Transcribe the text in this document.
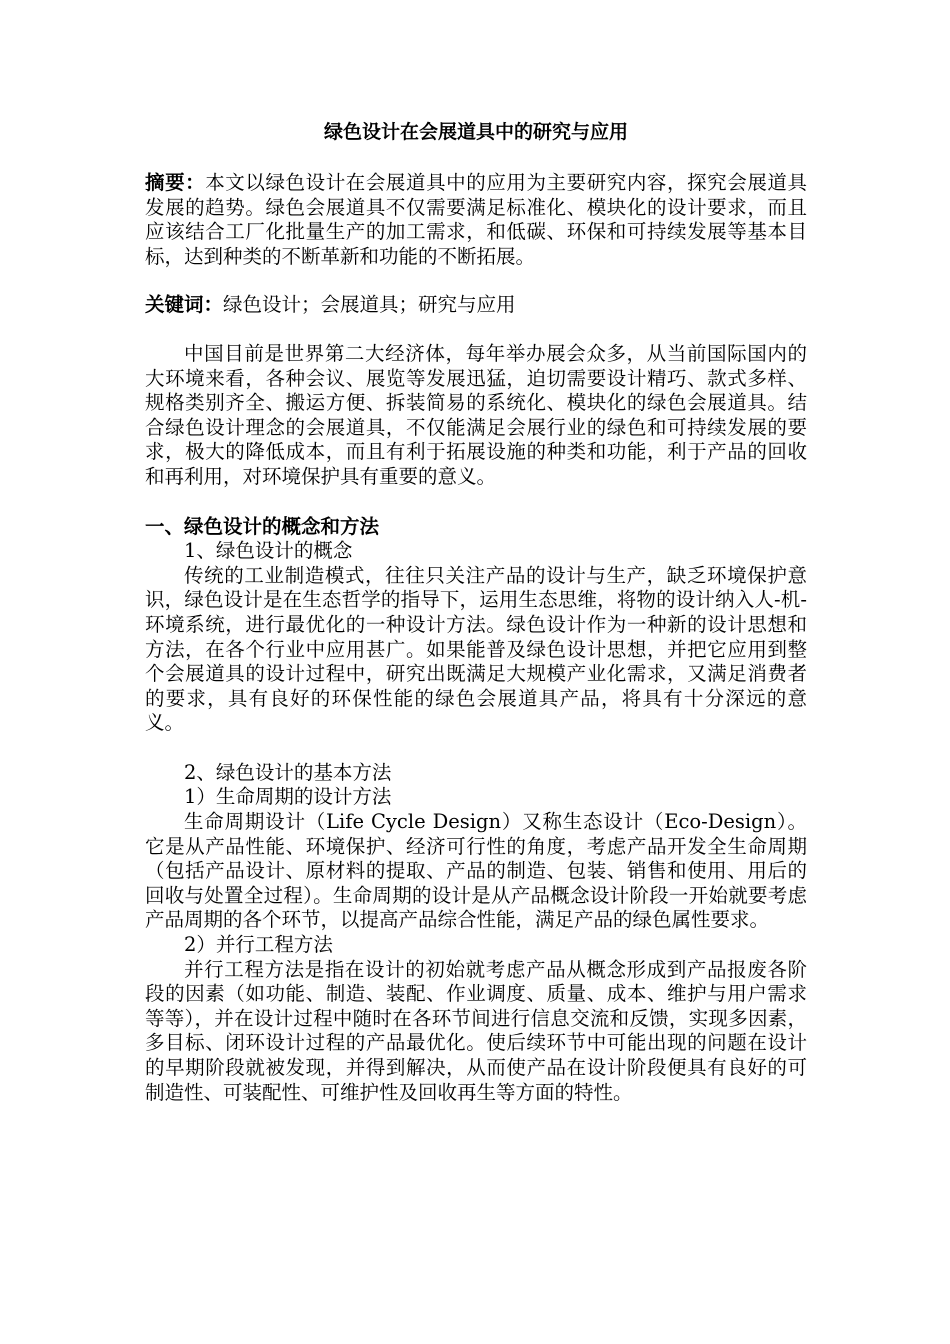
绿色设计在会展道具中的研究与应用

摘要：本文以绿色设计在会展道具中的应用为主要研究内容，探究会展道具发展的趋势。绿色会展道具不仅需要满足标准化、模块化的设计要求，而且应该结合工厂化批量生产的加工需求，和低碳、环保和可持续发展等基本目标，达到种类的不断革新和功能的不断拓展。

关键词：绿色设计；会展道具；研究与应用

中国目前是世界第二大经济体，每年举办展会众多，从当前国际国内的大环境来看，各种会议、展览等发展迅猛，迫切需要设计精巧、款式多样、规格类别齐全、搬运方便、拆装简易的系统化、模块化的绿色会展道具。结合绿色设计理念的会展道具，不仅能满足会展行业的绿色和可持续发展的要求，极大的降低成本，而且有利于拓展设施的种类和功能，利于产品的回收和再利用，对环境保护具有重要的意义。

一、绿色设计的概念和方法

1、绿色设计的概念

传统的工业制造模式，往往只关注产品的设计与生产，缺乏环境保护意识，绿色设计是在生态哲学的指导下，运用生态思维，将物的设计纳入人-机-环境系统，进行最优化的一种设计方法。绿色设计作为一种新的设计思想和方法，在各个行业中应用甚广。如果能普及绿色设计思想，并把它应用到整个会展道具的设计过程中，研究出既满足大规模产业化需求，又满足消费者的要求，具有良好的环保性能的绿色会展道具产品，将具有十分深远的意义。

2、绿色设计的基本方法

1）生命周期的设计方法

生命周期设计（Life Cycle Design）又称生态设计（Eco-Design）。它是从产品性能、环境保护、经济可行性的角度，考虑产品开发全生命周期（包括产品设计、原材料的提取、产品的制造、包装、销售和使用、用后的回收与处置全过程）。生命周期的设计是从产品概念设计阶段一开始就要考虑产品周期的各个环节，以提高产品综合性能，满足产品的绿色属性要求。

2）并行工程方法

并行工程方法是指在设计的初始就考虑产品从概念形成到产品报废各阶段的因素（如功能、制造、装配、作业调度、质量、成本、维护与用户需求等等），并在设计过程中随时在各环节间进行信息交流和反馈，实现多因素，多目标、闭环设计过程的产品最优化。使后续环节中可能出现的问题在设计的早期阶段就被发现，并得到解决，从而使产品在设计阶段便具有良好的可制造性、可装配性、可维护性及回收再生等方面的特性。
